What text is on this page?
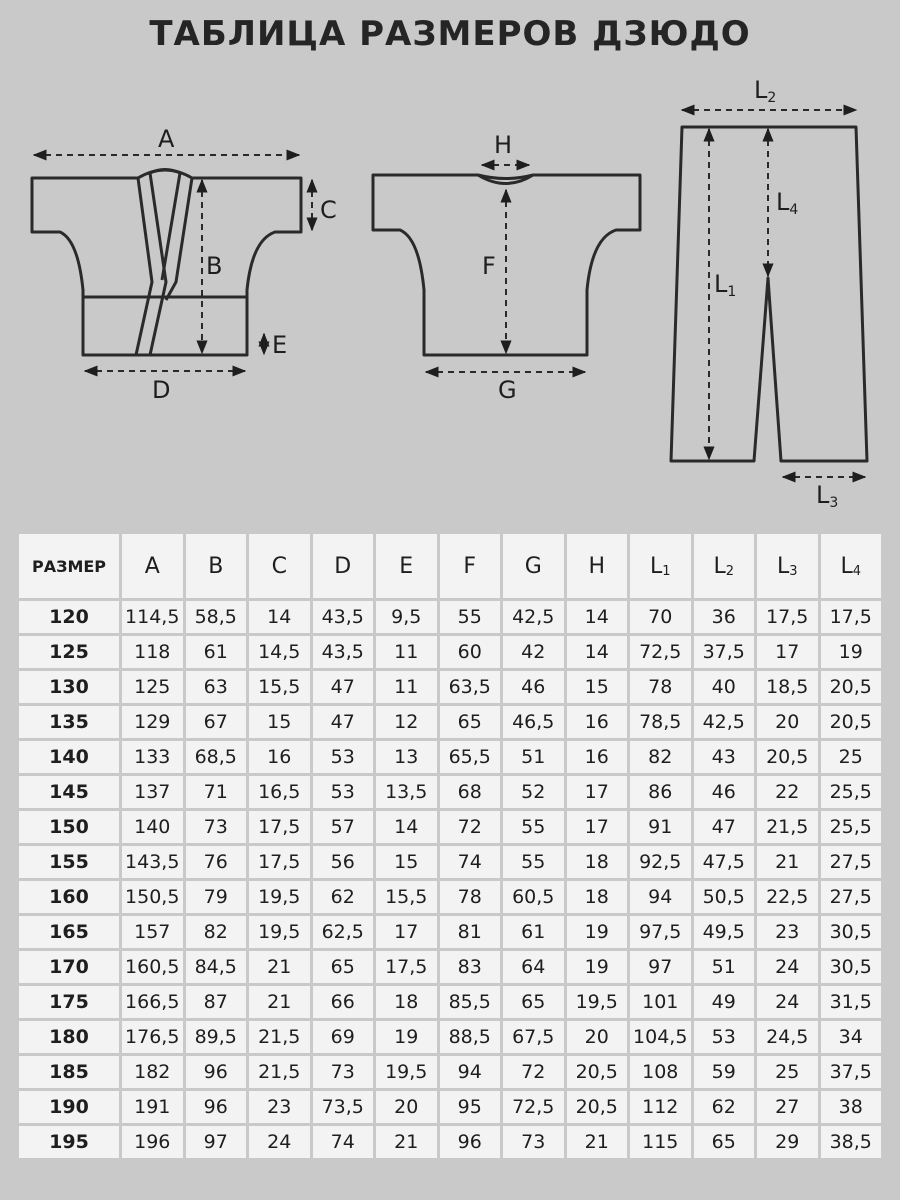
ТАБЛИЦА РАЗМЕРОВ ДЗЮДО
A
B
C
D
E
H
F
G
L2
L4
L1
L3
РАЗМЕР	A	B	C	D	E	F	G	H	L1	L2	L3	L4
120	114,5	58,5	14	43,5	9,5	55	42,5	14	70	36	17,5	17,5
125	118	61	14,5	43,5	11	60	42	14	72,5	37,5	17	19
130	125	63	15,5	47	11	63,5	46	15	78	40	18,5	20,5
135	129	67	15	47	12	65	46,5	16	78,5	42,5	20	20,5
140	133	68,5	16	53	13	65,5	51	16	82	43	20,5	25
145	137	71	16,5	53	13,5	68	52	17	86	46	22	25,5
150	140	73	17,5	57	14	72	55	17	91	47	21,5	25,5
155	143,5	76	17,5	56	15	74	55	18	92,5	47,5	21	27,5
160	150,5	79	19,5	62	15,5	78	60,5	18	94	50,5	22,5	27,5
165	157	82	19,5	62,5	17	81	61	19	97,5	49,5	23	30,5
170	160,5	84,5	21	65	17,5	83	64	19	97	51	24	30,5
175	166,5	87	21	66	18	85,5	65	19,5	101	49	24	31,5
180	176,5	89,5	21,5	69	19	88,5	67,5	20	104,5	53	24,5	34
185	182	96	21,5	73	19,5	94	72	20,5	108	59	25	37,5
190	191	96	23	73,5	20	95	72,5	20,5	112	62	27	38
195	196	97	24	74	21	96	73	21	115	65	29	38,5
